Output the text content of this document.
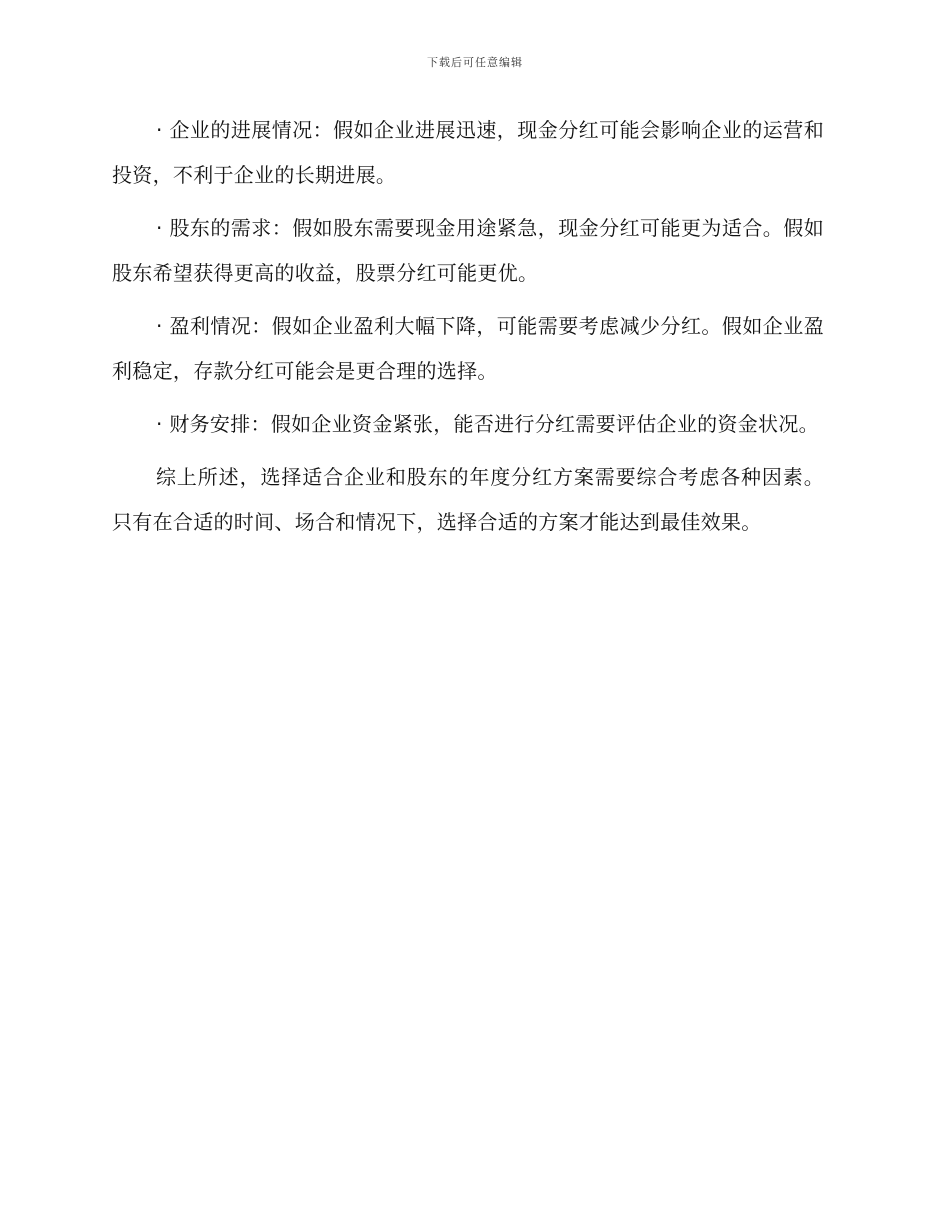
下载后可任意编辑

· 企业的进展情况：假如企业进展迅速，现金分红可能会影响企业的运营和投资，不利于企业的长期进展。

· 股东的需求：假如股东需要现金用途紧急，现金分红可能更为适合。假如股东希望获得更高的收益，股票分红可能更优。

· 盈利情况：假如企业盈利大幅下降，可能需要考虑减少分红。假如企业盈利稳定，存款分红可能会是更合理的选择。

· 财务安排：假如企业资金紧张，能否进行分红需要评估企业的资金状况。

综上所述，选择适合企业和股东的年度分红方案需要综合考虑各种因素。只有在合适的时间、场合和情况下，选择合适的方案才能达到最佳效果。
